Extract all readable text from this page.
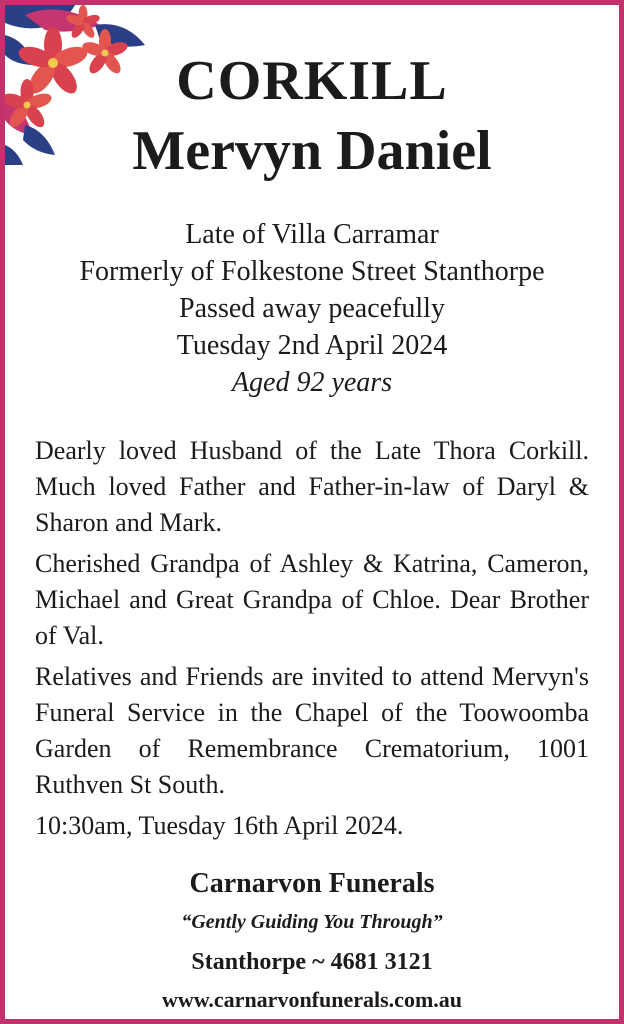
CORKILL
Mervyn Daniel
Late of Villa Carramar
Formerly of Folkestone Street Stanthorpe
Passed away peacefully
Tuesday 2nd April 2024
Aged 92 years

Dearly loved Husband of the Late Thora Corkill. Much loved Father and Father-in-law of Daryl & Sharon and Mark.

Cherished Grandpa of Ashley & Katrina, Cameron, Michael and Great Grandpa of Chloe. Dear Brother of Val.

Relatives and Friends are invited to attend Mervyn's Funeral Service in the Chapel of the Toowoomba Garden of Remembrance Crematorium, 1001 Ruthven St South.

10:30am, Tuesday 16th April 2024.

Carnarvon Funerals
“Gently Guiding You Through”
Stanthorpe ~ 4681 3121
www.carnarvonfunerals.com.au
